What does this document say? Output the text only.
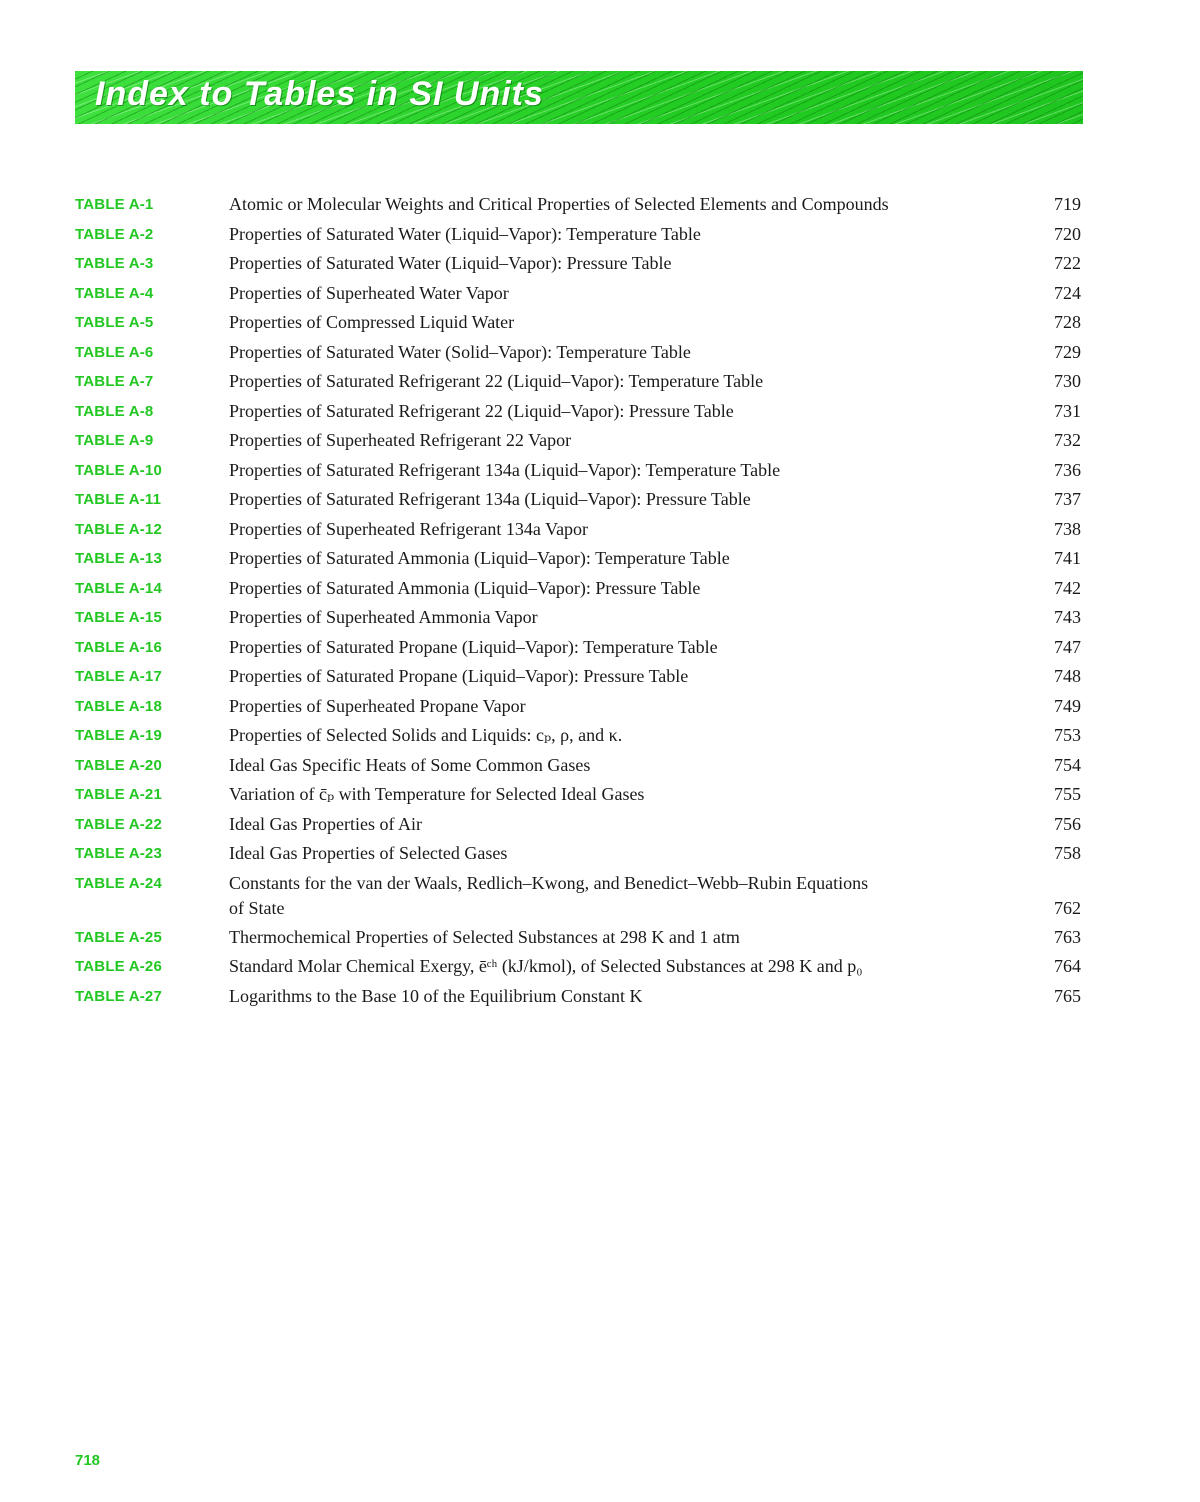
Index to Tables in SI Units
TABLE A-1	Atomic or Molecular Weights and Critical Properties of Selected Elements and Compounds	719
TABLE A-2	Properties of Saturated Water (Liquid–Vapor): Temperature Table	720
TABLE A-3	Properties of Saturated Water (Liquid–Vapor): Pressure Table	722
TABLE A-4	Properties of Superheated Water Vapor	724
TABLE A-5	Properties of Compressed Liquid Water	728
TABLE A-6	Properties of Saturated Water (Solid–Vapor): Temperature Table	729
TABLE A-7	Properties of Saturated Refrigerant 22 (Liquid–Vapor): Temperature Table	730
TABLE A-8	Properties of Saturated Refrigerant 22 (Liquid–Vapor): Pressure Table	731
TABLE A-9	Properties of Superheated Refrigerant 22 Vapor	732
TABLE A-10	Properties of Saturated Refrigerant 134a (Liquid–Vapor): Temperature Table	736
TABLE A-11	Properties of Saturated Refrigerant 134a (Liquid–Vapor): Pressure Table	737
TABLE A-12	Properties of Superheated Refrigerant 134a Vapor	738
TABLE A-13	Properties of Saturated Ammonia (Liquid–Vapor): Temperature Table	741
TABLE A-14	Properties of Saturated Ammonia (Liquid–Vapor): Pressure Table	742
TABLE A-15	Properties of Superheated Ammonia Vapor	743
TABLE A-16	Properties of Saturated Propane (Liquid–Vapor): Temperature Table	747
TABLE A-17	Properties of Saturated Propane (Liquid–Vapor): Pressure Table	748
TABLE A-18	Properties of Superheated Propane Vapor	749
TABLE A-19	Properties of Selected Solids and Liquids: cₚ, ρ, and κ.	753
TABLE A-20	Ideal Gas Specific Heats of Some Common Gases	754
TABLE A-21	Variation of c̄ₚ with Temperature for Selected Ideal Gases	755
TABLE A-22	Ideal Gas Properties of Air	756
TABLE A-23	Ideal Gas Properties of Selected Gases	758
TABLE A-24	Constants for the van der Waals, Redlich–Kwong, and Benedict–Webb–Rubin Equations
of State	762
TABLE A-25	Thermochemical Properties of Selected Substances at 298 K and 1 atm	763
TABLE A-26	Standard Molar Chemical Exergy, ēᶜʰ (kJ/kmol), of Selected Substances at 298 K and p₀	764
TABLE A-27	Logarithms to the Base 10 of the Equilibrium Constant K	765
718
